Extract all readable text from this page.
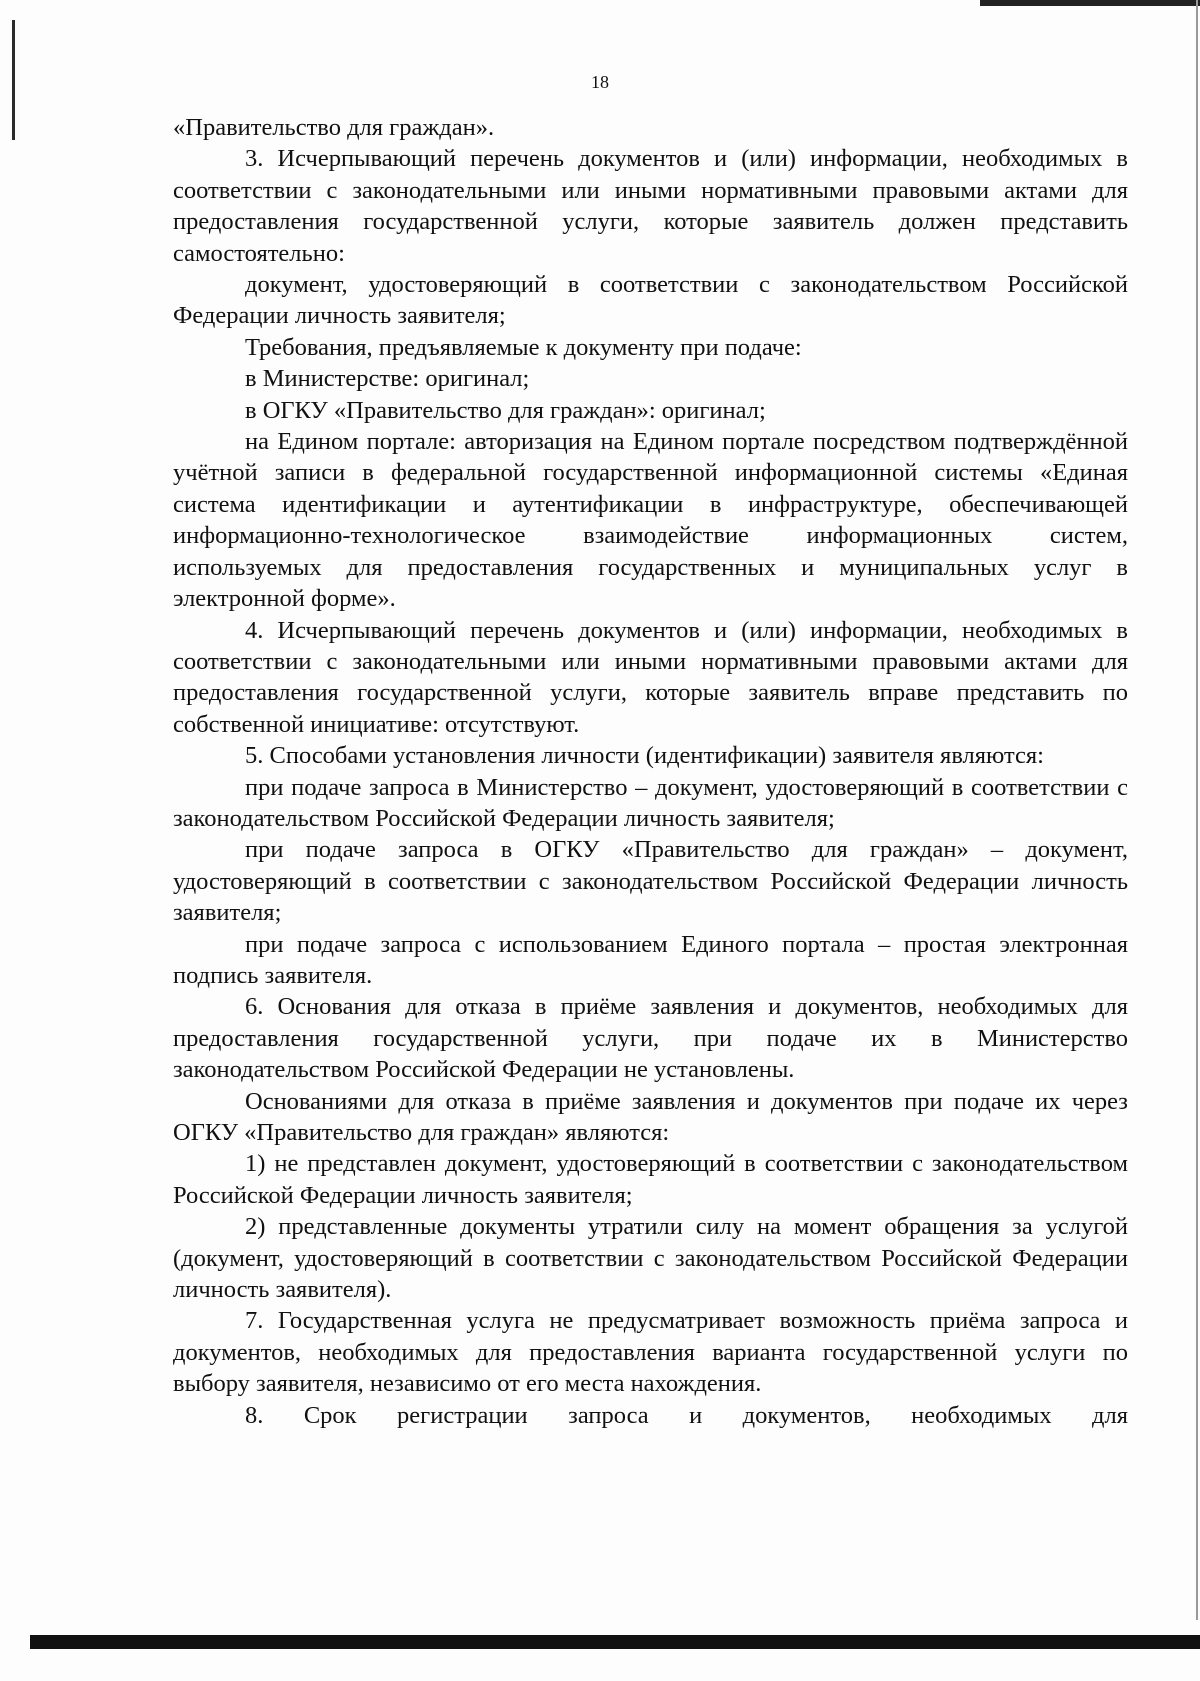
18

«Правительство для граждан».

3. Исчерпывающий перечень документов и (или) информации, необходимых в соответствии с законодательными или иными нормативными правовыми актами для предоставления государственной услуги, которые заявитель должен представить самостоятельно:

документ, удостоверяющий в соответствии с законодательством Российской Федерации личность заявителя;

Требования, предъявляемые к документу при подаче:

в Министерстве: оригинал;

в ОГКУ «Правительство для граждан»: оригинал;

на Едином портале: авторизация на Едином портале посредством подтверждённой учётной записи в федеральной государственной информационной системы «Единая система идентификации и аутентификации в инфраструктуре, обеспечивающей информационно-технологическое взаимодействие информационных систем, используемых для предоставления государственных и муниципальных услуг в электронной форме».

4. Исчерпывающий перечень документов и (или) информации, необходимых в соответствии с законодательными или иными нормативными правовыми актами для предоставления государственной услуги, которые заявитель вправе представить по собственной инициативе: отсутствуют.

5. Способами установления личности (идентификации) заявителя являются:

при подаче запроса в Министерство – документ, удостоверяющий в соответствии с законодательством Российской Федерации личность заявителя;

при подаче запроса в ОГКУ «Правительство для граждан» – документ, удостоверяющий в соответствии с законодательством Российской Федерации личность заявителя;

при подаче запроса с использованием Единого портала – простая электронная подпись заявителя.

6. Основания для отказа в приёме заявления и документов, необходимых для предоставления государственной услуги, при подаче их в Министерство законодательством Российской Федерации не установлены.

Основаниями для отказа в приёме заявления и документов при подаче их через ОГКУ «Правительство для граждан» являются:

1) не представлен документ, удостоверяющий в соответствии с законодательством Российской Федерации личность заявителя;

2) представленные документы утратили силу на момент обращения за услугой (документ, удостоверяющий в соответствии с законодательством Российской Федерации личность заявителя).

7. Государственная услуга не предусматривает возможность приёма запроса и документов, необходимых для предоставления варианта государственной услуги по выбору заявителя, независимо от его места нахождения.

8. Срок регистрации запроса и документов, необходимых для
